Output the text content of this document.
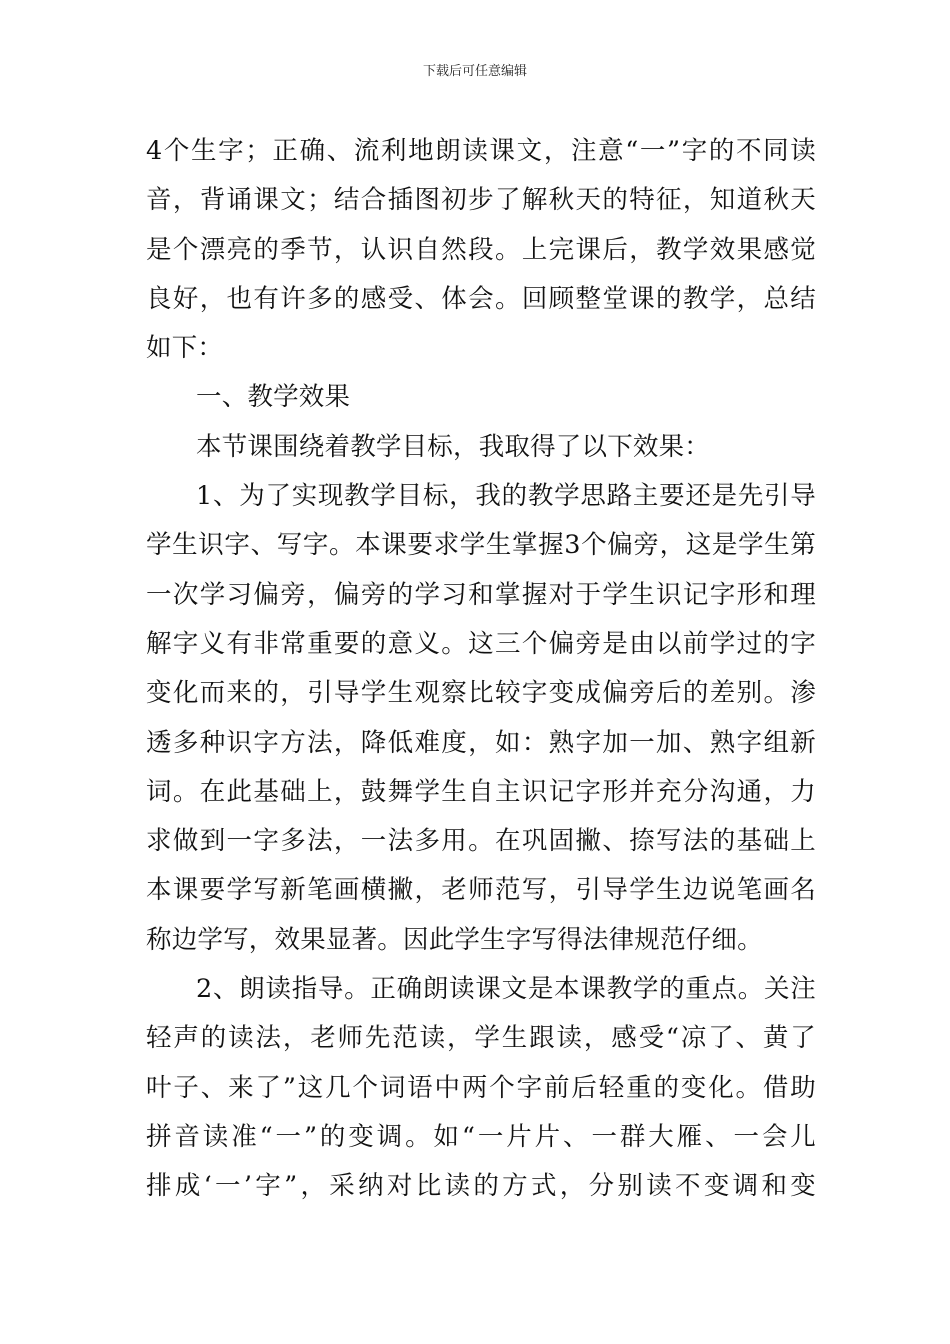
下载后可任意编辑
4个生字；正确、流利地朗读课文，注意“一”字的不同读
音，背诵课文；结合插图初步了解秋天的特征，知道秋天
是个漂亮的季节，认识自然段。上完课后，教学效果感觉
良好，也有许多的感受、体会。回顾整堂课的教学，总结
如下：
一、教学效果
本节课围绕着教学目标，我取得了以下效果：
1、为了实现教学目标，我的教学思路主要还是先引导
学生识字、写字。本课要求学生掌握3个偏旁，这是学生第
一次学习偏旁，偏旁的学习和掌握对于学生识记字形和理
解字义有非常重要的意义。这三个偏旁是由以前学过的字
变化而来的，引导学生观察比较字变成偏旁后的差别。渗
透多种识字方法，降低难度，如：熟字加一加、熟字组新
词。在此基础上，鼓舞学生自主识记字形并充分沟通，力
求做到一字多法，一法多用。在巩固撇、捺写法的基础上
本课要学写新笔画横撇，老师范写，引导学生边说笔画名
称边学写，效果显著。因此学生字写得法律规范仔细。
2、朗读指导。正确朗读课文是本课教学的重点。关注
轻声的读法，老师先范读，学生跟读，感受“凉了、黄了
叶子、来了”这几个词语中两个字前后轻重的变化。借助
拼音读准“一”的变调。如“一片片、一群大雁、一会儿
排成‘一’字”，采纳对比读的方式，分别读不变调和变
